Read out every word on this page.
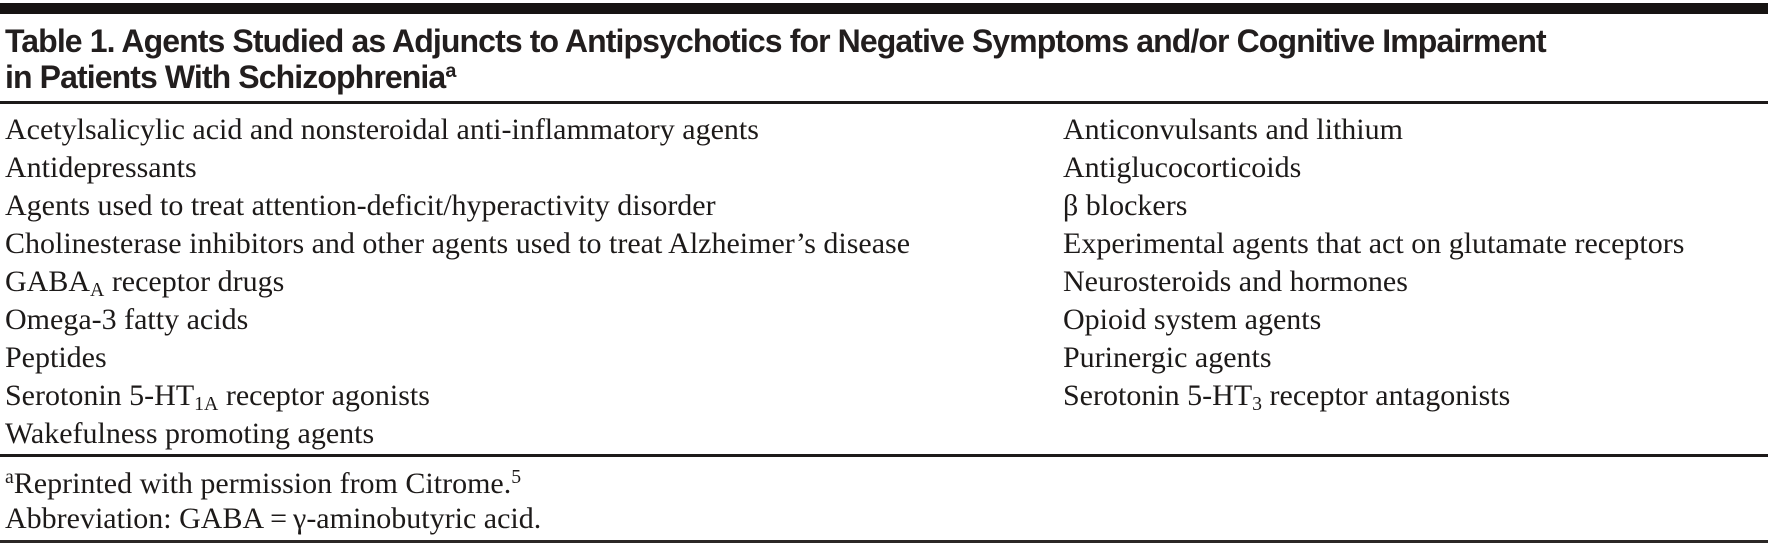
Table 1. Agents Studied as Adjuncts to Antipsychotics for Negative Symptoms and/or Cognitive Impairment
in Patients With Schizophrenia$^a$
Acetylsalicylic acid and nonsteroidal anti-inflammatory agents
Antidepressants
Agents used to treat attention-deficit/hyperactivity disorder
Cholinesterase inhibitors and other agents used to treat Alzheimer’s disease
$GABA_A$ receptor drugs
Omega-3 fatty acids
Peptides
Serotonin $5-HT_{1A}$ receptor agonists
Wakefulness promoting agents
Anticonvulsants and lithium
Antiglucocorticoids
β blockers
Experimental agents that act on glutamate receptors
Neurosteroids and hormones
Opioid system agents
Purinergic agents
Serotonin $5-HT_3$ receptor antagonists
$^a$Reprinted with permission from Citrome.$^5$
Abbreviation: GABA = γ-aminobutyric acid.
